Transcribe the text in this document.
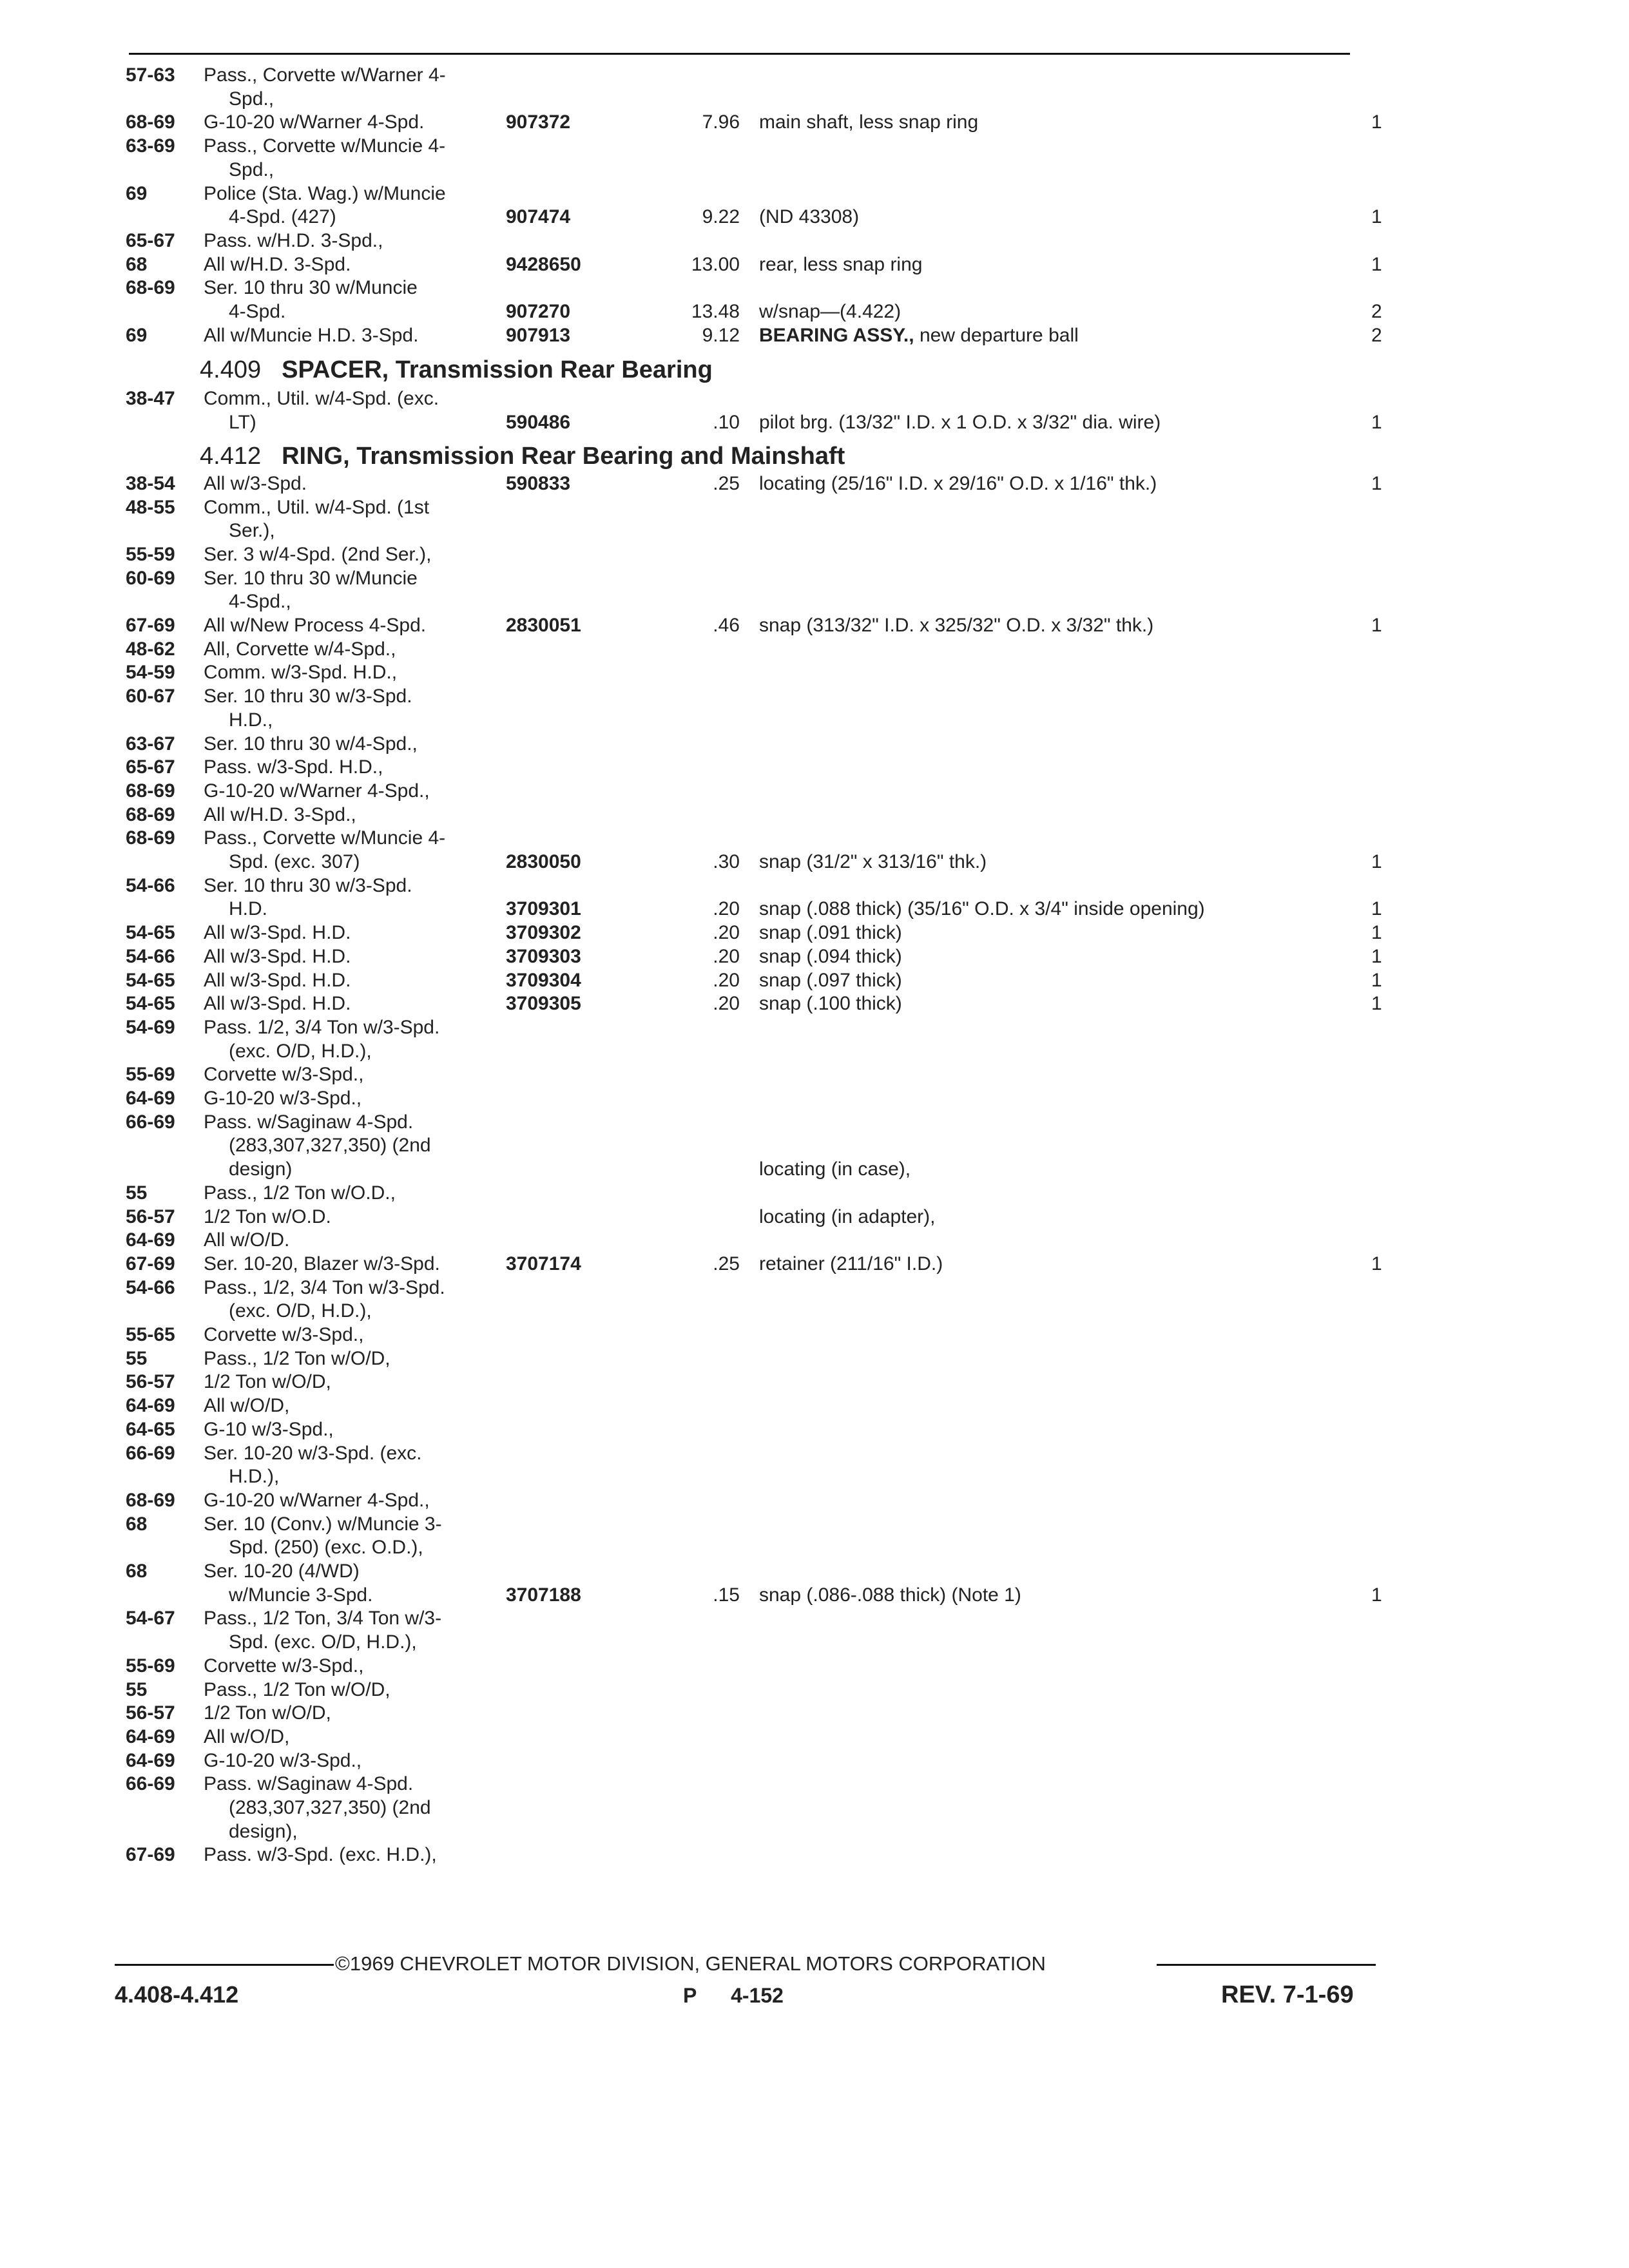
57-63 Pass., Corvette w/Warner 4-
Spd.,
68-69 G-10-20 w/Warner 4-Spd.	907372	7.96 main shaft, less snap ring	1
63-69 Pass., Corvette w/Muncie 4-
Spd.,
69	Police (Sta. Wag.) w/Muncie
4-Spd. (427)	907474	9.22 (ND 43308)	1
65-67 Pass. w/H.D. 3-Spd.,
68	All w/H.D. 3-Spd.	9428650	13.00 rear, less snap ring	1
68-69 Ser. 10 thru 30 w/Muncie
4-Spd.	907270	13.48 w/snap—(4.422)	2
69	All w/Muncie H.D. 3-Spd.	907913	9.12 BEARING ASSY., new departure ball	2
4.409 SPACER, Transmission Rear Bearing
38-47 Comm., Util. w/4-Spd. (exc.
LT)	590486	.10 pilot brg. (13/32" I.D. x 1 O.D. x 3/32" dia. wire)	1
4.412 RING, Transmission Rear Bearing and Mainshaft
38-54 All w/3-Spd.	590833	.25 locating (25/16" I.D. x 29/16" O.D. x 1/16" thk.)	1
48-55 Comm., Util. w/4-Spd. (1st
Ser.),
55-59 Ser. 3 w/4-Spd. (2nd Ser.),
60-69 Ser. 10 thru 30 w/Muncie
4-Spd.,
67-69 All w/New Process 4-Spd.	2830051	.46 snap (313/32" I.D. x 325/32" O.D. x 3/32" thk.)	1
48-62 All, Corvette w/4-Spd.,
54-59 Comm. w/3-Spd. H.D.,
60-67 Ser. 10 thru 30 w/3-Spd.
H.D.,
63-67 Ser. 10 thru 30 w/4-Spd.,
65-67 Pass. w/3-Spd. H.D.,
68-69 G-10-20 w/Warner 4-Spd.,
68-69 All w/H.D. 3-Spd.,
68-69 Pass., Corvette w/Muncie 4-
Spd. (exc. 307)	2830050	.30 snap (31/2" x 313/16" thk.)	1
54-66 Ser. 10 thru 30 w/3-Spd.
H.D.	3709301	.20 snap (.088 thick) (35/16" O.D. x 3/4" inside opening)	1
54-65 All w/3-Spd. H.D.	3709302	.20 snap (.091 thick)	1
54-66 All w/3-Spd. H.D.	3709303	.20 snap (.094 thick)	1
54-65 All w/3-Spd. H.D.	3709304	.20 snap (.097 thick)	1
54-65 All w/3-Spd. H.D.	3709305	.20 snap (.100 thick)	1
54-69 Pass. 1/2, 3/4 Ton w/3-Spd.
(exc. O/D, H.D.),
55-69 Corvette w/3-Spd.,
64-69 G-10-20 w/3-Spd.,
66-69 Pass. w/Saginaw 4-Spd.
(283,307,327,350) (2nd
design)	locating (in case),
55	Pass., 1/2 Ton w/O.D.,
56-57 1/2 Ton w/O.D.	locating (in adapter),
64-69 All w/O/D.
67-69 Ser. 10-20, Blazer w/3-Spd.	3707174	.25 retainer (211/16" I.D.)	1
54-66 Pass., 1/2, 3/4 Ton w/3-Spd.
(exc. O/D, H.D.),
55-65 Corvette w/3-Spd.,
55	Pass., 1/2 Ton w/O/D,
56-57 1/2 Ton w/O/D,
64-69 All w/O/D,
64-65 G-10 w/3-Spd.,
66-69 Ser. 10-20 w/3-Spd. (exc.
H.D.),
68-69 G-10-20 w/Warner 4-Spd.,
68	Ser. 10 (Conv.) w/Muncie 3-
Spd. (250) (exc. O.D.),
68	Ser. 10-20 (4/WD)
w/Muncie 3-Spd.	3707188	.15 snap (.086-.088 thick) (Note 1)	1
54-67 Pass., 1/2 Ton, 3/4 Ton w/3-
Spd. (exc. O/D, H.D.),
55-69 Corvette w/3-Spd.,
55	Pass., 1/2 Ton w/O/D,
56-57 1/2 Ton w/O/D,
64-69 All w/O/D,
64-69 G-10-20 w/3-Spd.,
66-69 Pass. w/Saginaw 4-Spd.
(283,307,327,350) (2nd
design),
67-69 Pass. w/3-Spd. (exc. H.D.),
©1969 CHEVROLET MOTOR DIVISION, GENERAL MOTORS CORPORATION
4.408-4.412	P      4-152	REV. 7-1-69
